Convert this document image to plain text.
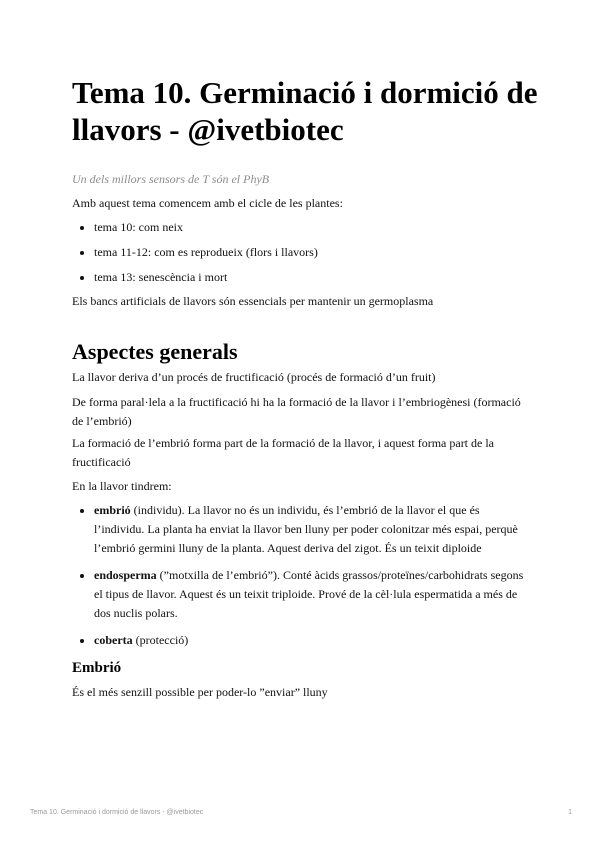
Tema 10. Germinació i dormició de llavors - @ivetbiotec

Un dels millors sensors de T són el PhyB

Amb aquest tema comencem amb el cicle de les plantes:

tema 10: com neix
tema 11-12: com es reprodueix (flors i llavors)
tema 13: senescència i mort

Els bancs artificials de llavors són essencials per mantenir un germoplasma

Aspectes generals

La llavor deriva d’un procés de fructificació (procés de formació d’un fruit)

De forma paral·lela a la fructificació hi ha la formació de la llavor i l’embriogènesi (formació de l’embrió)

La formació de l’embrió forma part de la formació de la llavor, i aquest forma part de la fructificació

En la llavor tindrem:

embrió (individu). La llavor no és un individu, és l’embrió de la llavor el que és l’individu. La planta ha enviat la llavor ben lluny per poder colonitzar més espai, perquè l’embrió germini lluny de la planta. Aquest deriva del zigot. És un teixit diploide
endosperma (”motxilla de l’embrió”). Conté àcids grassos/proteïnes/carbohidrats segons el tipus de llavor. Aquest és un teixit triploide. Prové de la cèl·lula espermatida a més de dos nuclis polars.
coberta (protecció)
Embrió

És el més senzill possible per poder-lo ”enviar” lluny

Tema 10. Germinació i dormició de llavors - @ivetbiotec	1
